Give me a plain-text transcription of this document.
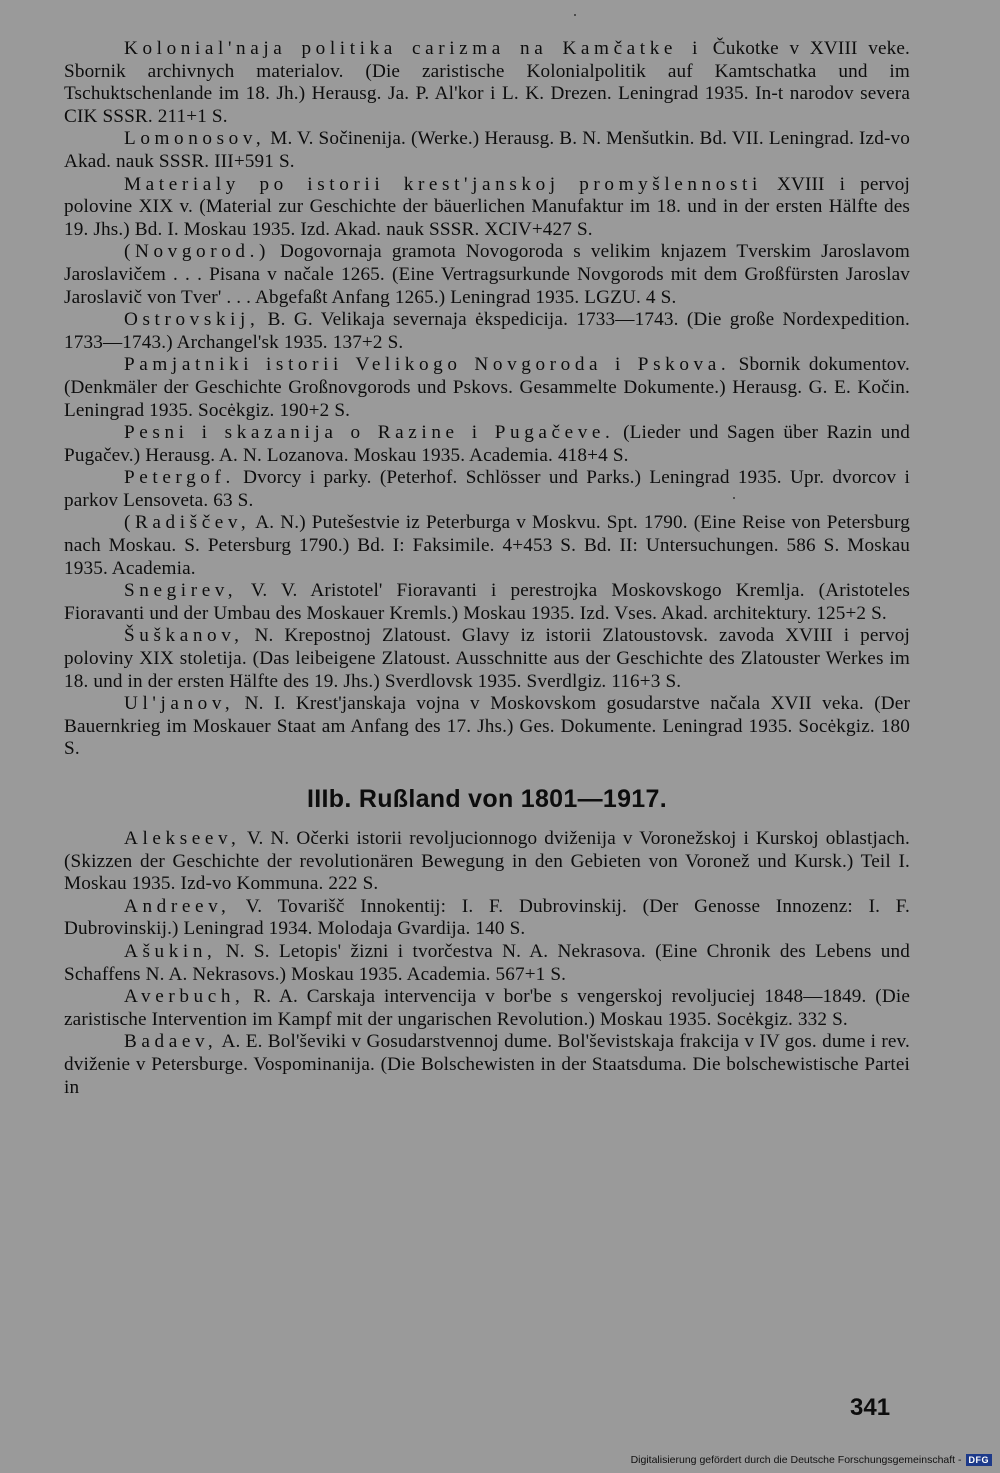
Kolonial'naja politika carizma na Kamčatke i Čukotke v XVIII veke. Sbornik archivnych materialov. (Die zaristische Kolonialpolitik auf Kamtschatka und im Tschuktschenlande im 18. Jh.) Herausg. Ja. P. Al'kor i L. K. Drezen. Leningrad 1935. In-t narodov severa CIK SSSR. 211+1 S.

Lomonosov, M. V. Sočinenija. (Werke.) Herausg. B. N. Menšutkin. Bd. VII. Leningrad. Izd-vo Akad. nauk SSSR. III+591 S.

Materialy po istorii krest'janskoj promyšlennosti XVIII i pervoj polovine XIX v. (Material zur Geschichte der bäuerlichen Manufaktur im 18. und in der ersten Hälfte des 19. Jhs.) Bd. I. Moskau 1935. Izd. Akad. nauk SSSR. XCIV+427 S.

(Novgorod.) Dogovornaja gramota Novogoroda s velikim knjazem Tverskim Jaroslavom Jaroslavičem . . . Pisana v načale 1265. (Eine Vertragsurkunde Novgorods mit dem Großfürsten Jaroslav Jaroslavič von Tver' . . . Abgefaßt Anfang 1265.) Leningrad 1935. LGZU. 4 S.

Ostrovskij, B. G. Velikaja severnaja ėkspedicija. 1733—1743. (Die große Nordexpedition. 1733—1743.) Archangel'sk 1935. 137+2 S.

Pamjatniki istorii Velikogo Novgoroda i Pskova. Sbornik dokumentov. (Denkmäler der Geschichte Großnovgorods und Pskovs. Gesammelte Dokumente.) Herausg. G. E. Kočin. Leningrad 1935. Socėkgiz. 190+2 S.

Pesni i skazanija o Razine i Pugačeve. (Lieder und Sagen über Razin und Pugačev.) Herausg. A. N. Lozanova. Moskau 1935. Academia. 418+4 S.

Petergof. Dvorcy i parky. (Peterhof. Schlösser und Parks.) Leningrad 1935. Upr. dvorcov i parkov Lensoveta. 63 S.

(Radiščev, A. N.) Putešestvie iz Peterburga v Moskvu. Spt. 1790. (Eine Reise von Petersburg nach Moskau. S. Petersburg 1790.) Bd. I: Faksimile. 4+453 S. Bd. II: Untersuchungen. 586 S. Moskau 1935. Academia.

Snegirev, V. V. Aristotel' Fioravanti i perestrojka Moskovskogo Kremlja. (Aristoteles Fioravanti und der Umbau des Moskauer Kremls.) Moskau 1935. Izd. Vses. Akad. architektury. 125+2 S.

Šuškanov, N. Krepostnoj Zlatoust. Glavy iz istorii Zlatoustovsk. zavoda XVIII i pervoj poloviny XIX stoletija. (Das leibeigene Zlatoust. Ausschnitte aus der Geschichte des Zlatouster Werkes im 18. und in der ersten Hälfte des 19. Jhs.) Sverdlovsk 1935. Sverdlgiz. 116+3 S.

Ul'janov, N. I. Krest'janskaja vojna v Moskovskom gosudarstve načala XVII veka. (Der Bauernkrieg im Moskauer Staat am Anfang des 17. Jhs.) Ges. Dokumente. Leningrad 1935. Socėkgiz. 180 S.

IIIb. Rußland von 1801—1917.

Alekseev, V. N. Očerki istorii revoljucionnogo dviženija v Voronežskoj i Kurskoj oblastjach. (Skizzen der Geschichte der revolutionären Bewegung in den Gebieten von Voronež und Kursk.) Teil I. Moskau 1935. Izd-vo Kommuna. 222 S.

Andreev, V. Tovarišč Innokentij: I. F. Dubrovinskij. (Der Genosse Innozenz: I. F. Dubrovinskij.) Leningrad 1934. Molodaja Gvardija. 140 S.

Ašukin, N. S. Letopis' žizni i tvorčestva N. A. Nekrasova. (Eine Chronik des Lebens und Schaffens N. A. Nekrasovs.) Moskau 1935. Academia. 567+1 S.

Averbuch, R. A. Carskaja intervencija v bor'be s vengerskoj revoljuciej 1848—1849. (Die zaristische Intervention im Kampf mit der ungarischen Revolution.) Moskau 1935. Socėkgiz. 332 S.

Badaev, A. E. Bol'ševiki v Gosudarstvennoj dume. Bol'ševistskaja frakcija v IV gos. dume i rev. dviženie v Petersburge. Vospominanija. (Die Bolschewisten in der Staatsduma. Die bolschewistische Partei in

341
Digitalisierung gefördert durch die Deutsche Forschungsgemeinschaft - DFG
